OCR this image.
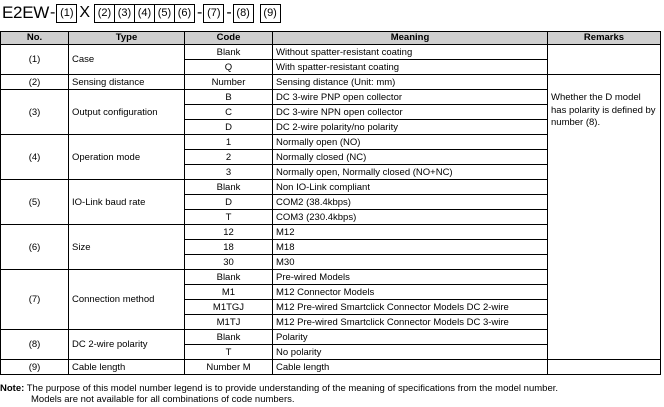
E2EW - (1) X (2) (3) (4) (5) (6) - (7) - (8)	(9)
No.	Type	Code	Meaning	Remarks
(1)	Case	Blank	Without spatter-resistant coating	
		Q	With spatter-resistant coating	
(2)	Sensing distance	Number	Sensing distance (Unit: mm)	Whether the D model has polarity is defined by number (8).

(3)	Output configuration	B	DC 3-wire PNP open collector	
		C	DC 3-wire NPN open collector	
		D	DC 2-wire polarity/no polarity	
(4)	Operation mode	1	Normally open (NO)	
		2	Normally closed (NC)	
		3	Normally open, Normally closed (NO+NC)	
(5)	IO-Link baud rate	Blank	Non IO-Link compliant	
		D	COM2 (38.4kbps)	
		T	COM3 (230.4kbps)	
(6)	Size	12	M12	
		18	M18	
		30	M30	
(7)	Connection method	Blank	Pre-wired Models	
		M1	M12 Connector Models	
		M1TGJ	M12 Pre-wired Smartclick Connector Models DC 2-wire	
		M1TJ	M12 Pre-wired Smartclick Connector Models DC 3-wire	
(8)	DC 2-wire polarity	Blank	Polarity	
		T	No polarity	
(9)	Cable length	Number M	Cable length	
Note: The purpose of this model number legend is to provide understanding of the meaning of specifications from the model number.
Models are not available for all combinations of code numbers.
